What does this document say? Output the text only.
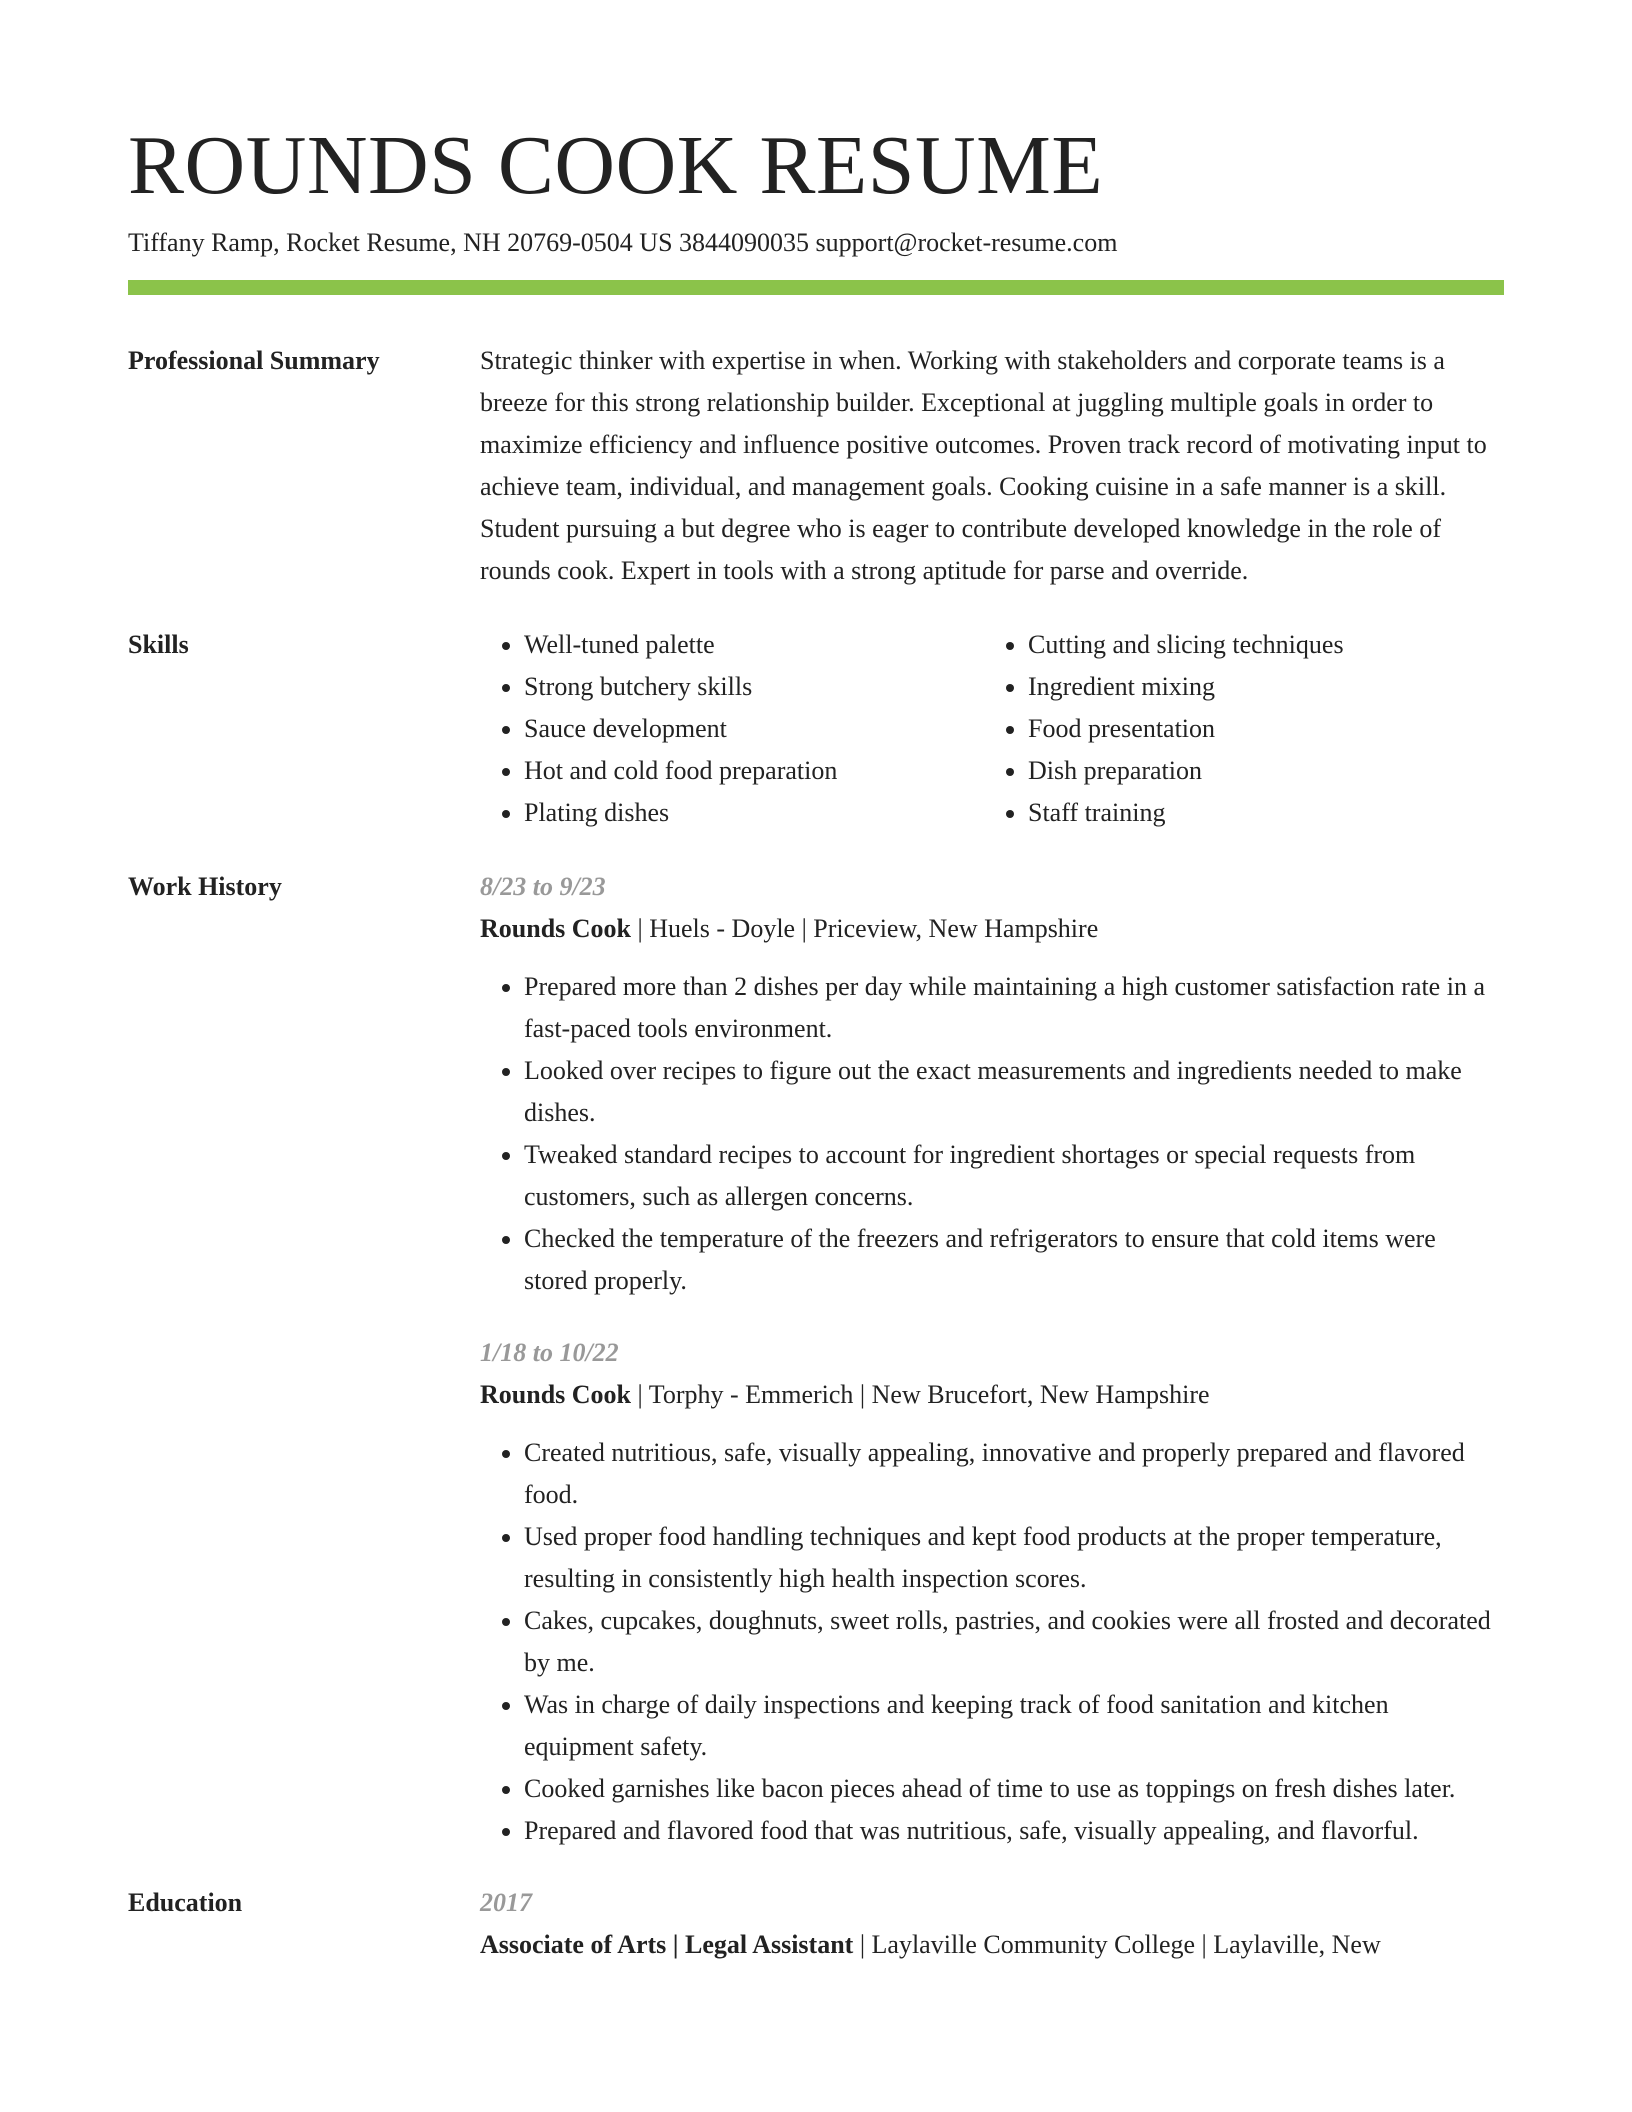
ROUNDS COOK RESUME
Tiffany Ramp, Rocket Resume, NH 20769-0504 US 3844090035 support@rocket-resume.com
Professional Summary	Strategic thinker with expertise in when. Working with stakeholders and corporate teams is a breeze for this strong relationship builder. Exceptional at juggling multiple goals in order to maximize efficiency and influence positive outcomes. Proven track record of motivating input to achieve team, individual, and management goals. Cooking cuisine in a safe manner is a skill. Student pursuing a but degree who is eager to contribute developed knowledge in the role of rounds cook. Expert in tools with a strong aptitude for parse and override.
Skills
•	Well-tuned palette
• Strong butchery skills
• Sauce development
• Hot and cold food preparation
• Plating dishes
• Cutting and slicing techniques
• Ingredient mixing
• Food presentation
• Dish preparation
• Staff training
Work History	8/23 to 9/23
Rounds Cook | Huels - Doyle | Priceview, New Hampshire
• Prepared more than 2 dishes per day while maintaining a high customer satisfaction rate in a fast-paced tools environment.
• Looked over recipes to figure out the exact measurements and ingredients needed to make dishes.
• Tweaked standard recipes to account for ingredient shortages or special requests from customers, such as allergen concerns.
• Checked the temperature of the freezers and refrigerators to ensure that cold items were stored properly.
1/18 to 10/22
Rounds Cook | Torphy - Emmerich | New Brucefort, New Hampshire
• Created nutritious, safe, visually appealing, innovative and properly prepared and flavored food.
• Used proper food handling techniques and kept food products at the proper temperature, resulting in consistently high health inspection scores.
• Cakes, cupcakes, doughnuts, sweet rolls, pastries, and cookies were all frosted and decorated by me.
• Was in charge of daily inspections and keeping track of food sanitation and kitchen equipment safety.
• Cooked garnishes like bacon pieces ahead of time to use as toppings on fresh dishes later.
• Prepared and flavored food that was nutritious, safe, visually appealing, and flavorful.
Education	2017
Associate of Arts | Legal Assistant | Laylaville Community College | Laylaville, New
